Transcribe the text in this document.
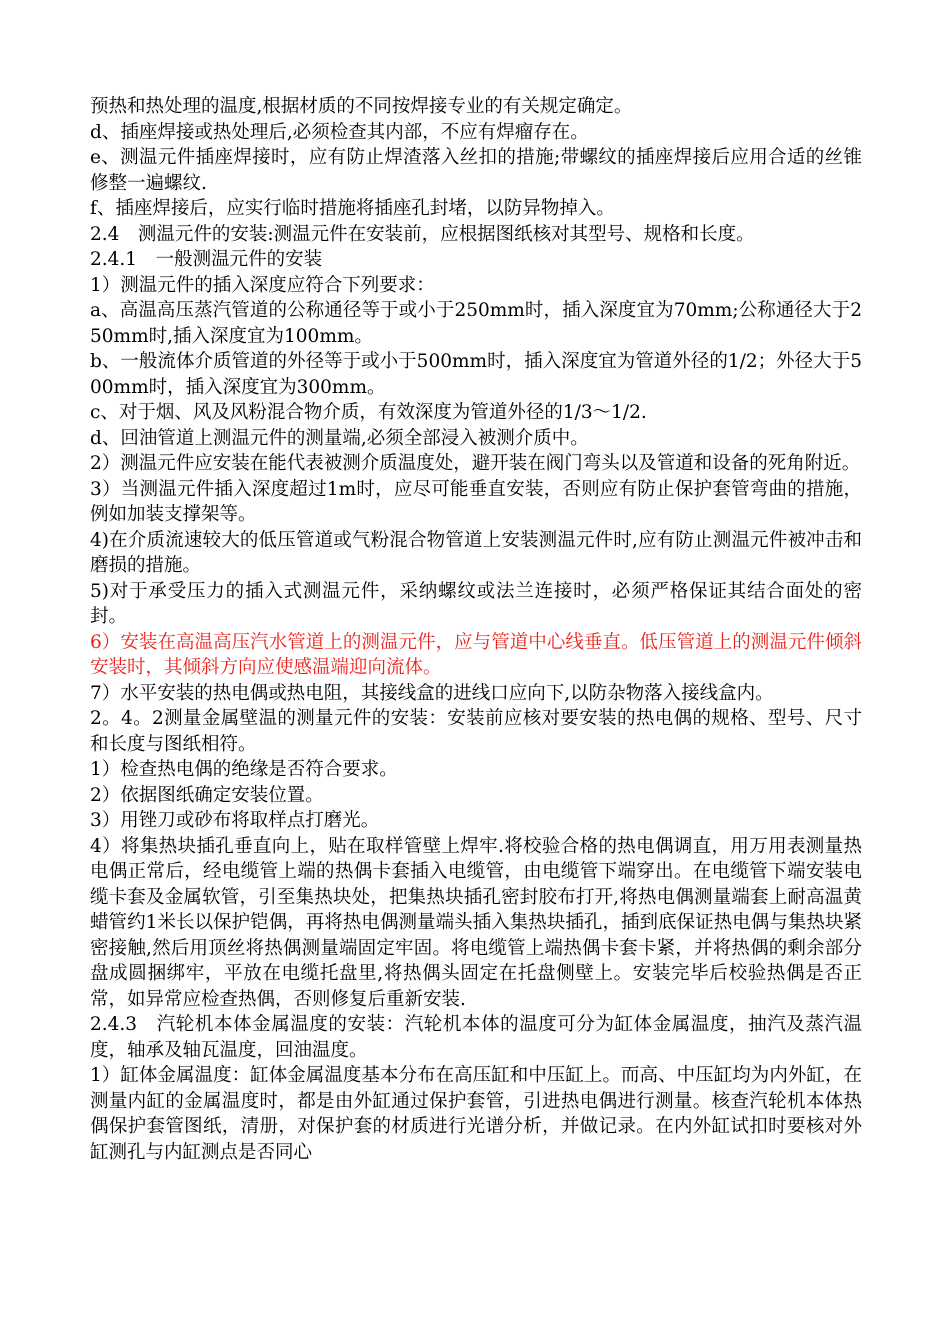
预热和热处理的温度,根据材质的不同按焊接专业的有关规定确定。

d、插座焊接或热处理后,必须检查其内部，不应有焊瘤存在。

e、测温元件插座焊接时，应有防止焊渣落入丝扣的措施;带螺纹的插座焊接后应用合适的丝锥修整一遍螺纹.

f、插座焊接后，应实行临时措施将插座孔封堵，以防异物掉入。

2.4　测温元件的安装:测温元件在安装前，应根据图纸核对其型号、规格和长度。

2.4.1　一般测温元件的安装

1）测温元件的插入深度应符合下列要求：

a、高温高压蒸汽管道的公称通径等于或小于250mm时，插入深度宜为70mm;公称通径大于250mm时,插入深度宜为100mm。

b、一般流体介质管道的外径等于或小于500mm时，插入深度宜为管道外径的1/2；外径大于500mm时，插入深度宜为300mm。

c、对于烟、风及风粉混合物介质，有效深度为管道外径的1/3～1/2.

d、回油管道上测温元件的测量端,必须全部浸入被测介质中。

2）测温元件应安装在能代表被测介质温度处，避开装在阀门弯头以及管道和设备的死角附近。

3）当测温元件插入深度超过1m时，应尽可能垂直安装，否则应有防止保护套管弯曲的措施，例如加装支撑架等。

4)在介质流速较大的低压管道或气粉混合物管道上安装测温元件时,应有防止测温元件被冲击和磨损的措施。

5)对于承受压力的插入式测温元件，采纳螺纹或法兰连接时，必须严格保证其结合面处的密封。

6）安装在高温高压汽水管道上的测温元件，应与管道中心线垂直。低压管道上的测温元件倾斜安装时，其倾斜方向应使感温端迎向流体。

7）水平安装的热电偶或热电阻，其接线盒的进线口应向下,以防杂物落入接线盒内。

2。4。2测量金属壁温的测量元件的安装：安装前应核对要安装的热电偶的规格、型号、尺寸和长度与图纸相符。

1）检查热电偶的绝缘是否符合要求。

2）依据图纸确定安装位置。

3）用锉刀或砂布将取样点打磨光。

4）将集热块插孔垂直向上，贴在取样管壁上焊牢.将校验合格的热电偶调直，用万用表测量热电偶正常后，经电缆管上端的热偶卡套插入电缆管，由电缆管下端穿出。在电缆管下端安装电缆卡套及金属软管，引至集热块处，把集热块插孔密封胶布打开,将热电偶测量端套上耐高温黄蜡管约1米长以保护铠偶，再将热电偶测量端头插入集热块插孔，插到底保证热电偶与集热块紧密接触,然后用顶丝将热偶测量端固定牢固。将电缆管上端热偶卡套卡紧，并将热偶的剩余部分盘成圆捆绑牢，平放在电缆托盘里,将热偶头固定在托盘侧壁上。安装完毕后校验热偶是否正常，如异常应检查热偶，否则修复后重新安装.

2.4.3　汽轮机本体金属温度的安装：汽轮机本体的温度可分为缸体金属温度，抽汽及蒸汽温度，轴承及轴瓦温度，回油温度。

1）缸体金属温度：缸体金属温度基本分布在高压缸和中压缸上。而高、中压缸均为内外缸，在测量内缸的金属温度时，都是由外缸通过保护套管，引进热电偶进行测量。核查汽轮机本体热偶保护套管图纸，清册，对保护套的材质进行光谱分析，并做记录。在内外缸试扣时要核对外缸测孔与内缸测点是否同心
